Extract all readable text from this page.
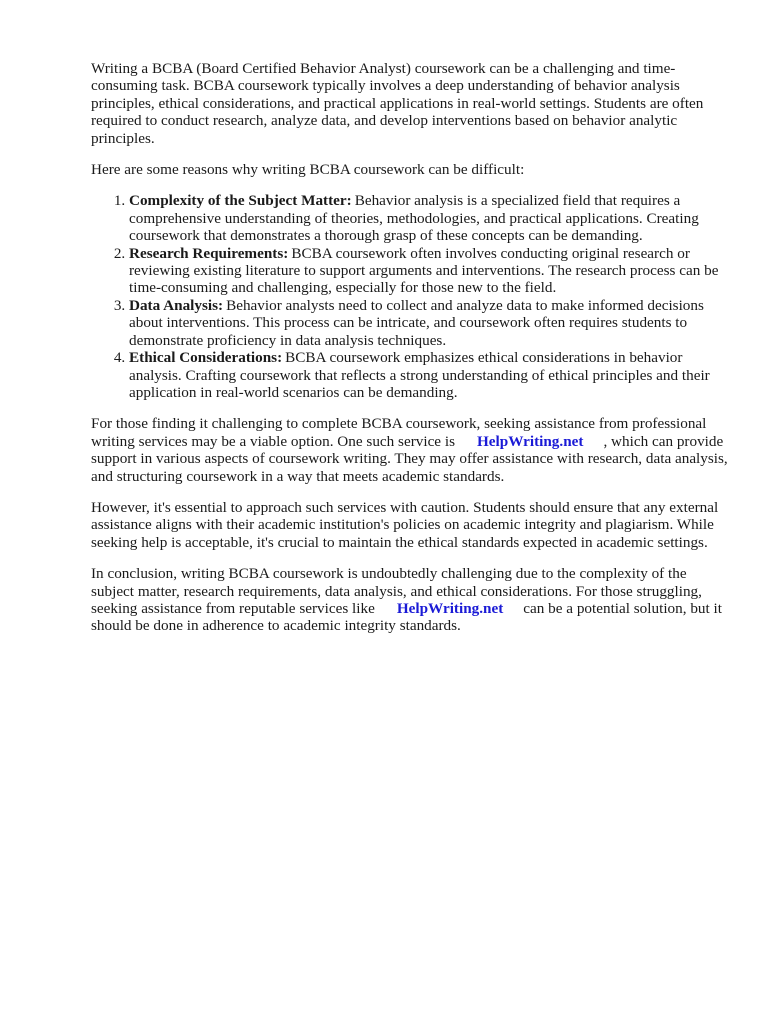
Writing a BCBA (Board Certified Behavior Analyst) coursework can be a challenging and time-consuming task. BCBA coursework typically involves a deep understanding of behavior analysis principles, ethical considerations, and practical applications in real-world settings. Students are often required to conduct research, analyze data, and develop interventions based on behavior analytic principles.

Here are some reasons why writing BCBA coursework can be difficult:

1. Complexity of the Subject Matter: Behavior analysis is a specialized field that requires a comprehensive understanding of theories, methodologies, and practical applications. Creating coursework that demonstrates a thorough grasp of these concepts can be demanding.
2. Research Requirements: BCBA coursework often involves conducting original research or reviewing existing literature to support arguments and interventions. The research process can be time-consuming and challenging, especially for those new to the field.
3. Data Analysis: Behavior analysts need to collect and analyze data to make informed decisions about interventions. This process can be intricate, and coursework often requires students to demonstrate proficiency in data analysis techniques.
4. Ethical Considerations: BCBA coursework emphasizes ethical considerations in behavior analysis. Crafting coursework that reflects a strong understanding of ethical principles and their application in real-world scenarios can be demanding.

For those finding it challenging to complete BCBA coursework, seeking assistance from professional writing services may be a viable option. One such service is HelpWriting.net , which can provide support in various aspects of coursework writing. They may offer assistance with research, data analysis, and structuring coursework in a way that meets academic standards.

However, it's essential to approach such services with caution. Students should ensure that any external assistance aligns with their academic institution's policies on academic integrity and plagiarism. While seeking help is acceptable, it's crucial to maintain the ethical standards expected in academic settings.

In conclusion, writing BCBA coursework is undoubtedly challenging due to the complexity of the subject matter, research requirements, data analysis, and ethical considerations. For those struggling, seeking assistance from reputable services like HelpWriting.net can be a potential solution, but it should be done in adherence to academic integrity standards.
